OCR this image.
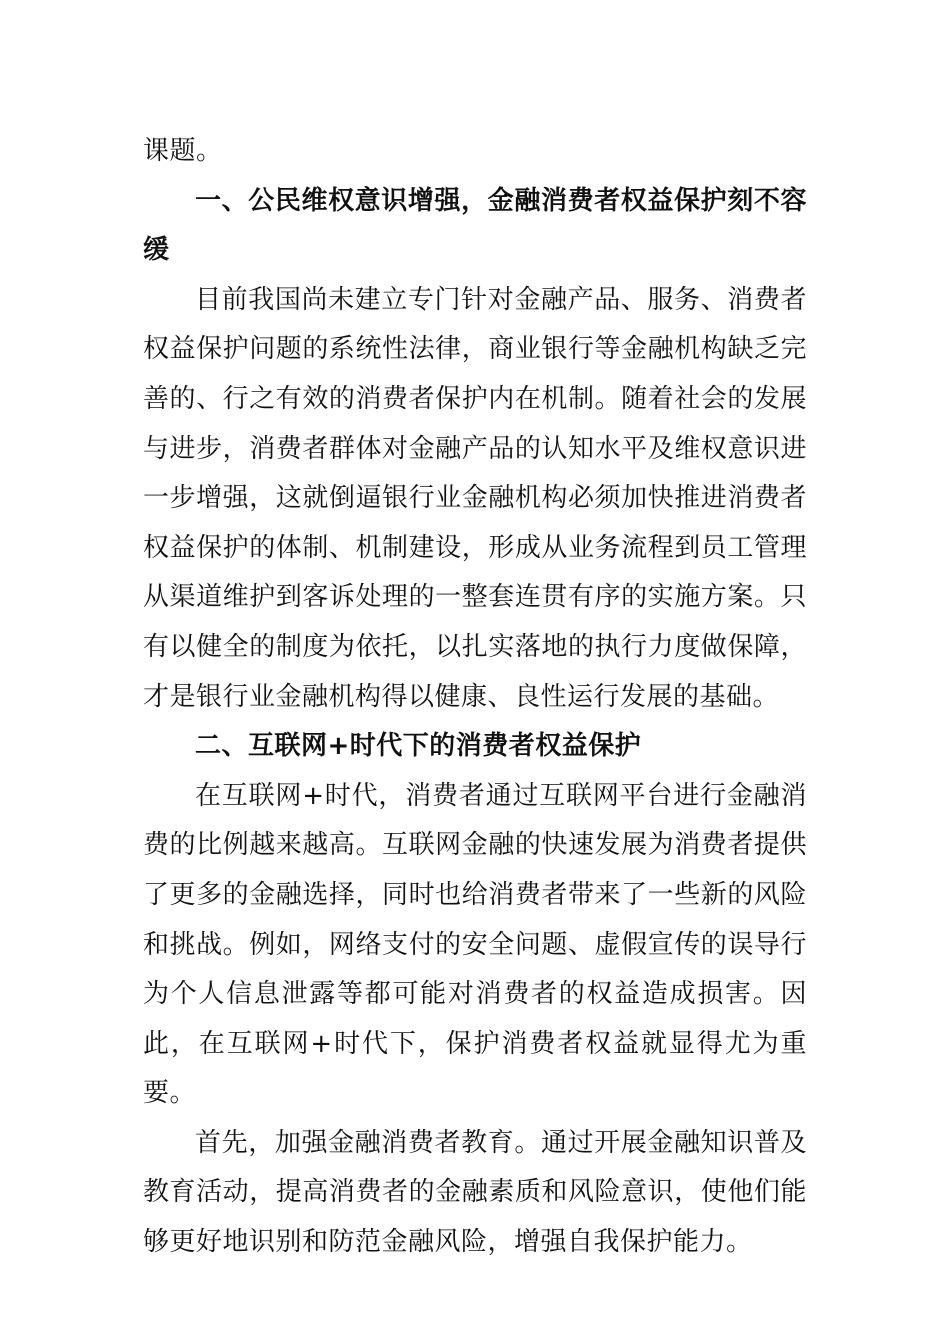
课题。

一、公民维权意识增强，金融消费者权益保护刻不容缓

目前我国尚未建立专门针对金融产品、服务、消费者权益保护问题的系统性法律，商业银行等金融机构缺乏完善的、行之有效的消费者保护内在机制。随着社会的发展与进步，消费者群体对金融产品的认知水平及维权意识进一步增强，这就倒逼银行业金融机构必须加快推进消费者权益保护的体制、机制建设，形成从业务流程到员工管理从渠道维护到客诉处理的一整套连贯有序的实施方案。只有以健全的制度为依托，以扎实落地的执行力度做保障，才是银行业金融机构得以健康、良性运行发展的基础。

二、互联网+时代下的消费者权益保护

在互联网+时代，消费者通过互联网平台进行金融消费的比例越来越高。互联网金融的快速发展为消费者提供了更多的金融选择，同时也给消费者带来了一些新的风险和挑战。例如，网络支付的安全问题、虚假宣传的误导行为个人信息泄露等都可能对消费者的权益造成损害。因此，在互联网+时代下，保护消费者权益就显得尤为重要。

首先，加强金融消费者教育。通过开展金融知识普及教育活动，提高消费者的金融素质和风险意识，使他们能够更好地识别和防范金融风险，增强自我保护能力。
